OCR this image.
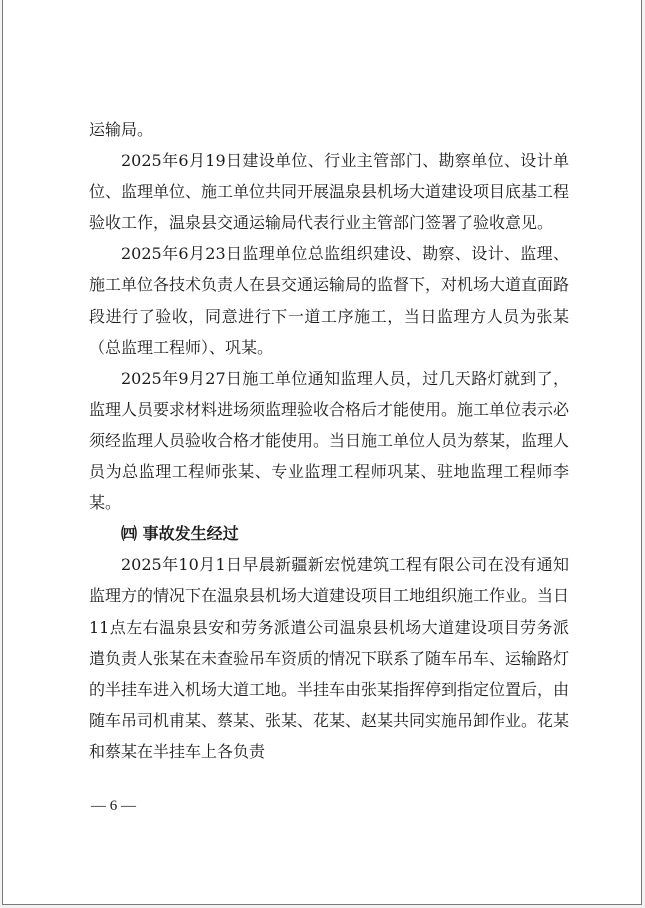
运输局。

2025年6月19日建设单位、行业主管部门、勘察单位、设计单位、监理单位、施工单位共同开展温泉县机场大道建设项目底基工程验收工作，温泉县交通运输局代表行业主管部门签署了验收意见。

2025年6月23日监理单位总监组织建设、勘察、设计、监理、施工单位各技术负责人在县交通运输局的监督下，对机场大道直面路段进行了验收，同意进行下一道工序施工，当日监理方人员为张某（总监理工程师）、巩某。

2025年9月27日施工单位通知监理人员，过几天路灯就到了，监理人员要求材料进场须监理验收合格后才能使用。施工单位表示必须经监理人员验收合格才能使用。当日施工单位人员为蔡某，监理人员为总监理工程师张某、专业监理工程师巩某、驻地监理工程师李某。

㈣ 事故发生经过

2025年10月1日早晨新疆新宏悦建筑工程有限公司在没有通知监理方的情况下在温泉县机场大道建设项目工地组织施工作业。当日11点左右温泉县安和劳务派遣公司温泉县机场大道建设项目劳务派遣负责人张某在未查验吊车资质的情况下联系了随车吊车、运输路灯的半挂车进入机场大道工地。半挂车由张某指挥停到指定位置后，由随车吊司机甫某、蔡某、张某、花某、赵某共同实施吊卸作业。花某和蔡某在半挂车上各负责

— 6 —
